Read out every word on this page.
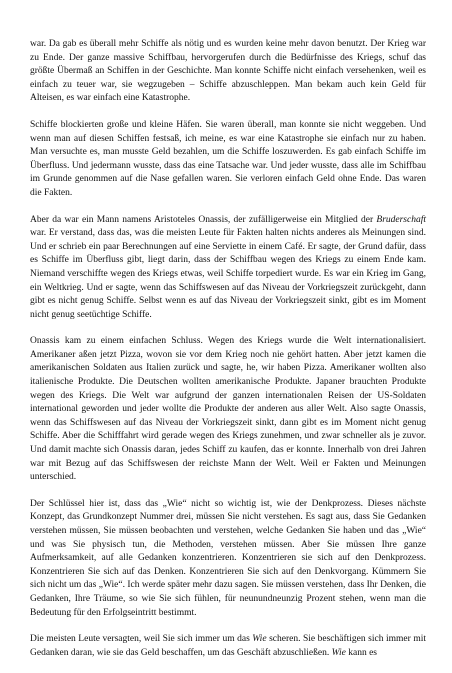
war. Da gab es überall mehr Schiffe als nötig und es wurden keine mehr davon benutzt. Der Krieg war zu Ende. Der ganze massive Schiffbau, hervorgerufen durch die Bedürfnisse des Kriegs, schuf das größte Übermaß an Schiffen in der Geschichte. Man konnte Schiffe nicht einfach versehenken, weil es einfach zu teuer war, sie wegzugeben – Schiffe abzuschleppen. Man bekam auch kein Geld für Alteisen, es war einfach eine Katastrophe.

Schiffe blockierten große und kleine Häfen. Sie waren überall, man konnte sie nicht weggeben. Und wenn man auf diesen Schiffen festsaß, ich meine, es war eine Katastrophe sie einfach nur zu haben. Man versuchte es, man musste Geld bezahlen, um die Schiffe loszuwerden. Es gab einfach Schiffe im Überfluss. Und jedermann wusste, dass das eine Tatsache war. Und jeder wusste, dass alle im Schiffbau im Grunde genommen auf die Nase gefallen waren. Sie verloren einfach Geld ohne Ende. Das waren die Fakten.

Aber da war ein Mann namens Aristoteles Onassis, der zufälligerweise ein Mitglied der Bruderschaft war. Er verstand, dass das, was die meisten Leute für Fakten halten nichts anderes als Meinungen sind. Und er schrieb ein paar Berechnungen auf eine Serviette in einem Café. Er sagte, der Grund dafür, dass es Schiffe im Überfluss gibt, liegt darin, dass der Schiffbau wegen des Kriegs zu einem Ende kam. Niemand verschiffte wegen des Kriegs etwas, weil Schiffe torpediert wurde. Es war ein Krieg im Gang, ein Weltkrieg. Und er sagte, wenn das Schiffswesen auf das Niveau der Vorkriegszeit zurückgeht, dann gibt es nicht genug Schiffe. Selbst wenn es auf das Niveau der Vorkriegszeit sinkt, gibt es im Moment nicht genug seetüchtige Schiffe.

Onassis kam zu einem einfachen Schluss. Wegen des Kriegs wurde die Welt internationalisiert. Amerikaner aßen jetzt Pizza, wovon sie vor dem Krieg noch nie gehört hatten. Aber jetzt kamen die amerikanischen Soldaten aus Italien zurück und sagte, he, wir haben Pizza. Amerikaner wollten also italienische Produkte. Die Deutschen wollten amerikanische Produkte. Japaner brauchten Produkte wegen des Kriegs. Die Welt war aufgrund der ganzen internationalen Reisen der US-Soldaten international geworden und jeder wollte die Produkte der anderen aus aller Welt. Also sagte Onassis, wenn das Schiffswesen auf das Niveau der Vorkriegszeit sinkt, dann gibt es im Moment nicht genug Schiffe. Aber die Schifffahrt wird gerade wegen des Kriegs zunehmen, und zwar schneller als je zuvor. Und damit machte sich Onassis daran, jedes Schiff zu kaufen, das er konnte. Innerhalb von drei Jahren war mit Bezug auf das Schiffswesen der reichste Mann der Welt. Weil er Fakten und Meinungen unterschied.

Der Schlüssel hier ist, dass das „Wie“ nicht so wichtig ist, wie der Denkprozess. Dieses nächste Konzept, das Grundkonzept Nummer drei, müssen Sie nicht verstehen. Es sagt aus, dass Sie Gedanken verstehen müssen, Sie müssen beobachten und verstehen, welche Gedanken Sie haben und das „Wie“ und was Sie physisch tun, die Methoden, verstehen müssen. Aber Sie müssen Ihre ganze Aufmerksamkeit, auf alle Gedanken konzentrieren. Konzentrieren sie sich auf den Denkprozess. Konzentrieren Sie sich auf das Denken. Konzentrieren Sie sich auf den Denkvorgang. Kümmern Sie sich nicht um das „Wie“. Ich werde später mehr dazu sagen. Sie müssen verstehen, dass Ihr Denken, die Gedanken, Ihre Träume, so wie Sie sich fühlen, für neunundneunzig Prozent stehen, wenn man die Bedeutung für den Erfolgseintritt bestimmt.

Die meisten Leute versagten, weil Sie sich immer um das Wie scheren. Sie beschäftigen sich immer mit Gedanken daran, wie sie das Geld beschaffen, um das Geschäft abzuschließen. Wie kann es
